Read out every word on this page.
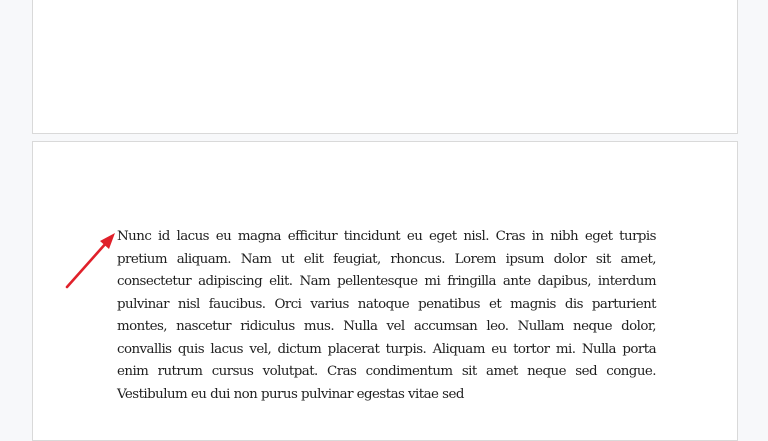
Nunc id lacus eu magna efficitur tincidunt eu eget nisl. Cras in nibh eget turpis pretium aliquam. Nam ut elit feugiat, rhoncus. Lorem ipsum dolor sit amet, consectetur adipiscing elit. Nam pellentesque mi fringilla ante dapibus, interdum pulvinar nisl faucibus. Orci varius natoque penatibus et magnis dis parturient montes, nascetur ridiculus mus. Nulla vel accumsan leo. Nullam neque dolor, convallis quis lacus vel, dictum placerat turpis. Aliquam eu tortor mi. Nulla porta enim rutrum cursus volutpat. Cras condimentum sit amet neque sed congue. Vestibulum eu dui non purus pulvinar egestas vitae sed
